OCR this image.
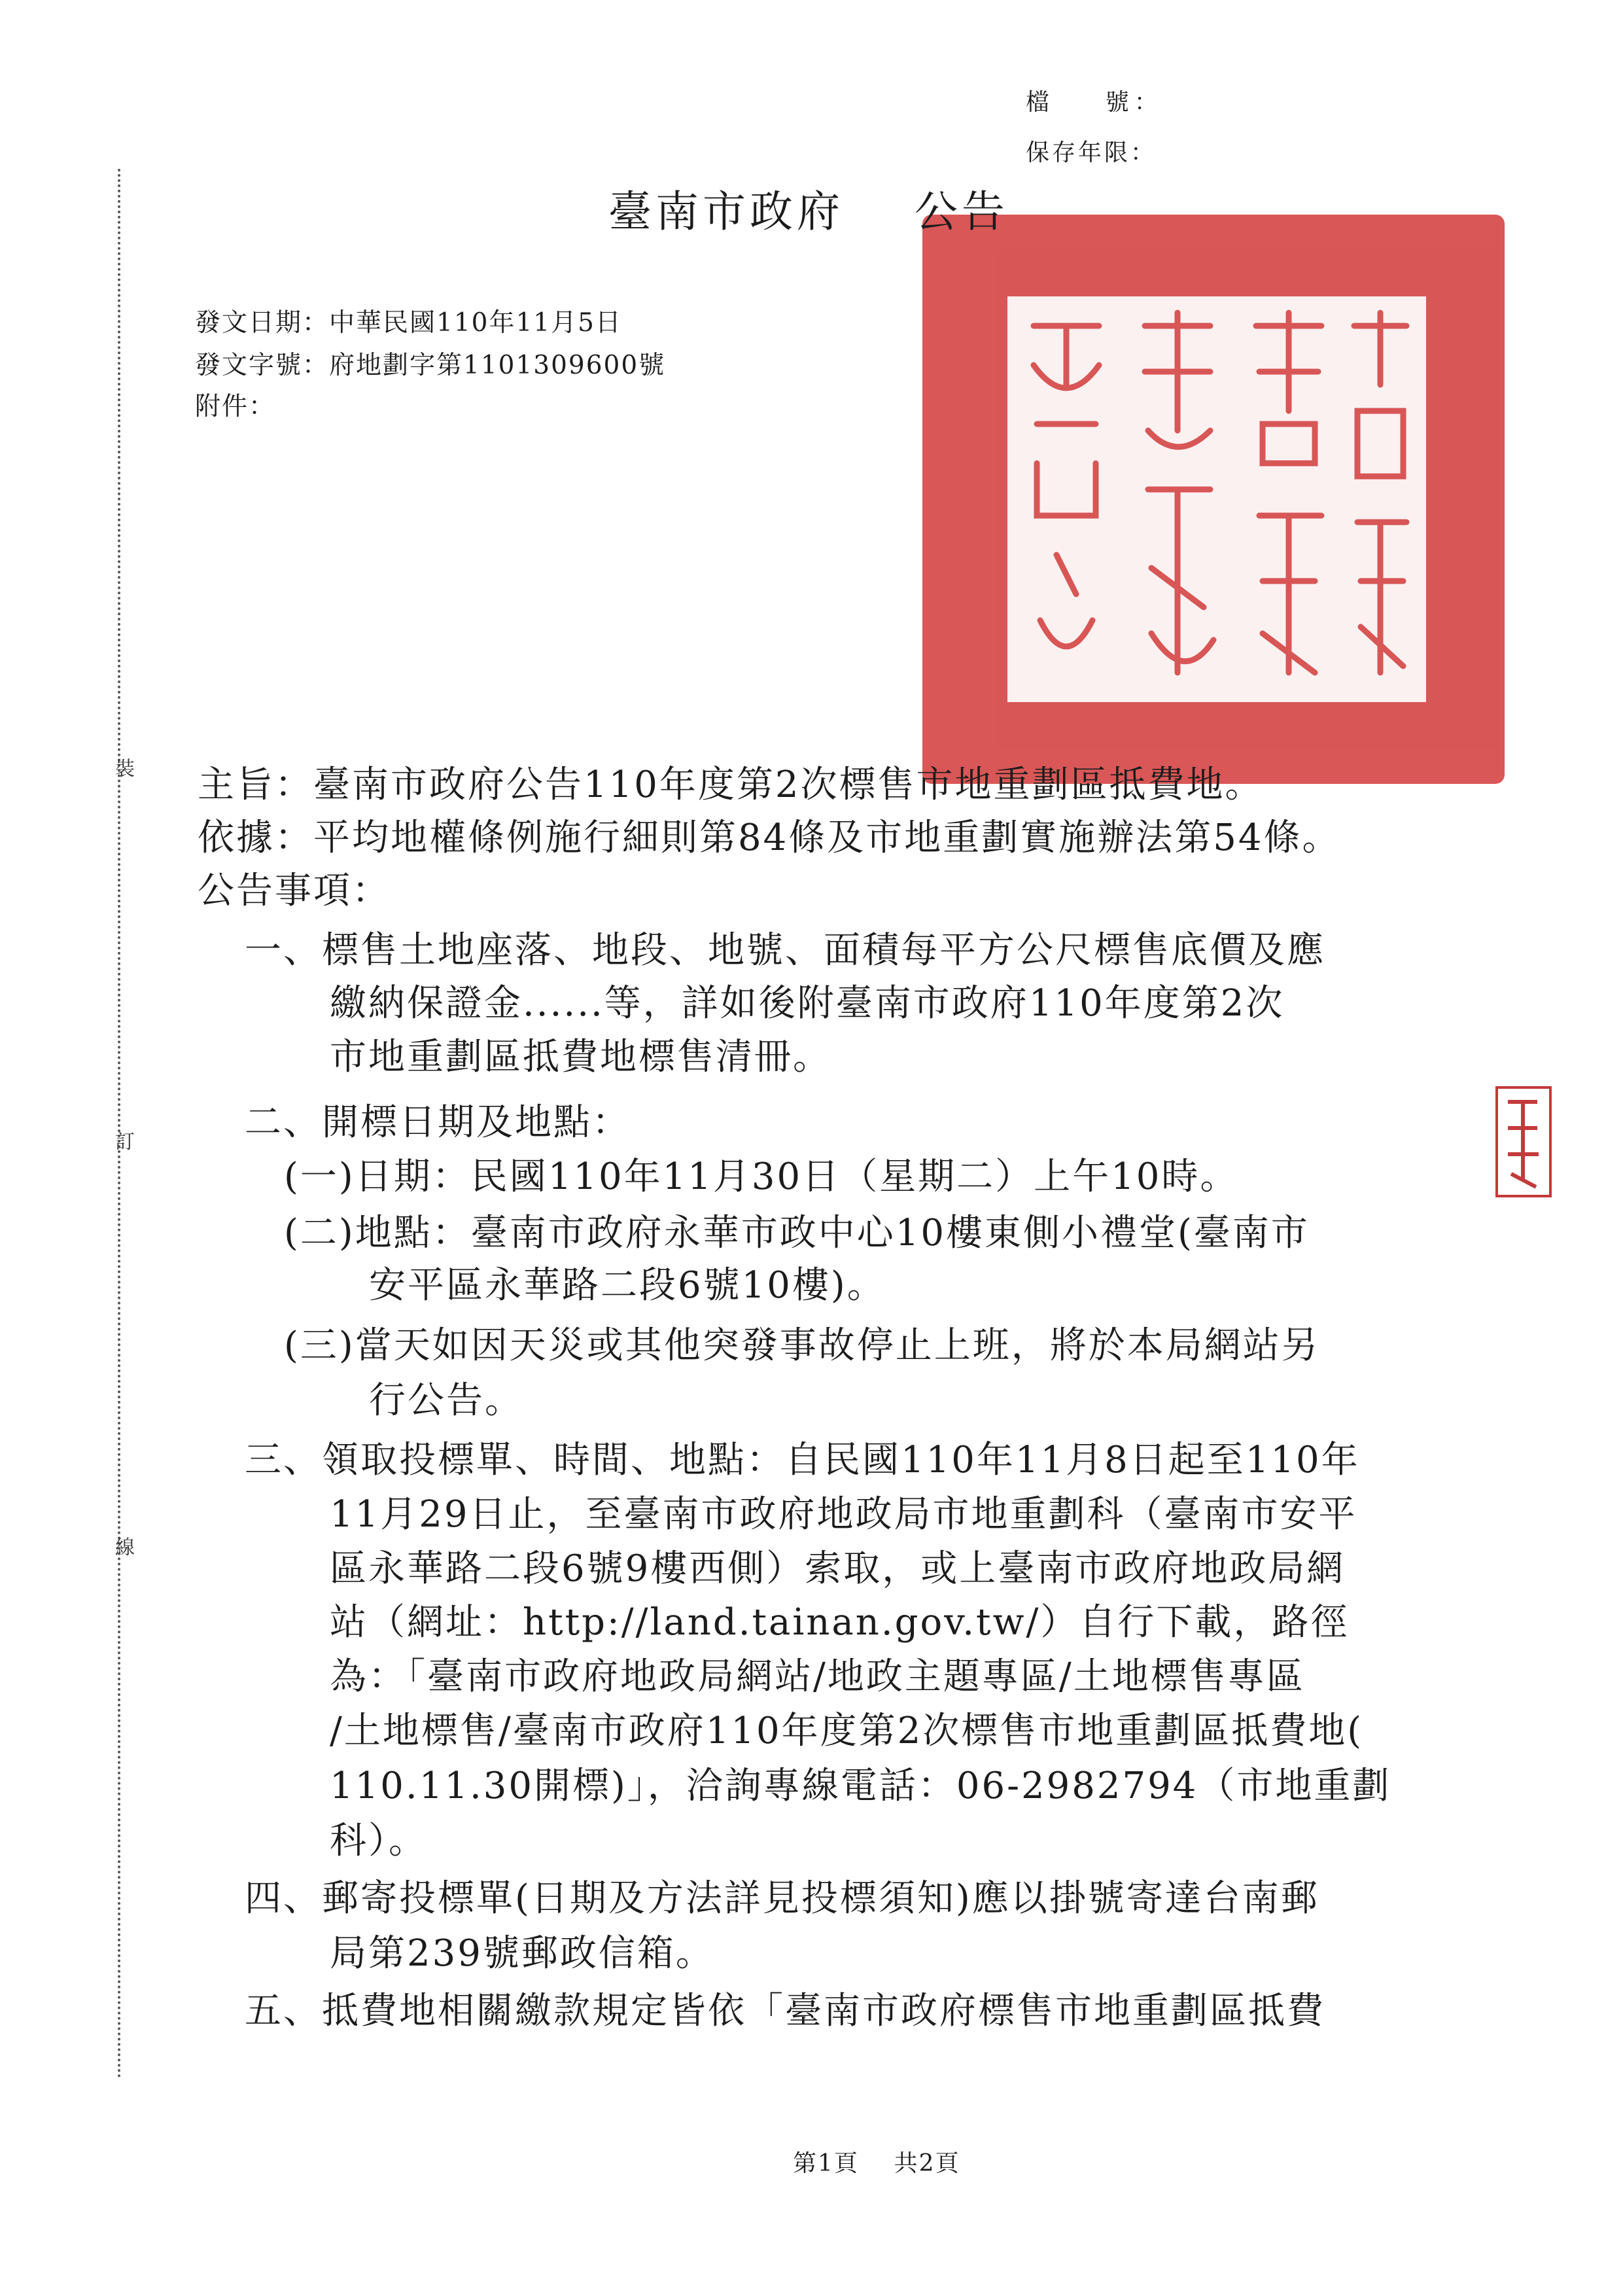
檔    號：
保存年限：
裝
訂
線
臺南市政府    公告
發文日期：中華民國110年11月5日
發文字號：府地劃字第1101309600號
附件：
主旨：臺南市政府公告110年度第2次標售市地重劃區抵費地。
依據：平均地權條例施行細則第84條及市地重劃實施辦法第54條。
公告事項：
一、標售土地座落、地段、地號、面積每平方公尺標售底價及應
繳納保證金......等，詳如後附臺南市政府110年度第2次
市地重劃區抵費地標售清冊。
二、開標日期及地點：
(一)日期：民國110年11月30日（星期二）上午10時。
(二)地點：臺南市政府永華市政中心10樓東側小禮堂(臺南市
安平區永華路二段6號10樓)。
(三)當天如因天災或其他突發事故停止上班，將於本局網站另
行公告。
三、領取投標單、時間、地點：自民國110年11月8日起至110年
11月29日止，至臺南市政府地政局市地重劃科（臺南市安平
區永華路二段6號9樓西側）索取，或上臺南市政府地政局網
站（網址：http://land.tainan.gov.tw/）自行下載，路徑
為：「臺南市政府地政局網站/地政主題專區/土地標售專區
/土地標售/臺南市政府110年度第2次標售市地重劃區抵費地(
110.11.30開標)」，洽詢專線電話：06-2982794（市地重劃
科）。
四、郵寄投標單(日期及方法詳見投標須知)應以掛號寄達台南郵
局第239號郵政信箱。
五、抵費地相關繳款規定皆依「臺南市政府標售市地重劃區抵費
第1頁    共2頁
